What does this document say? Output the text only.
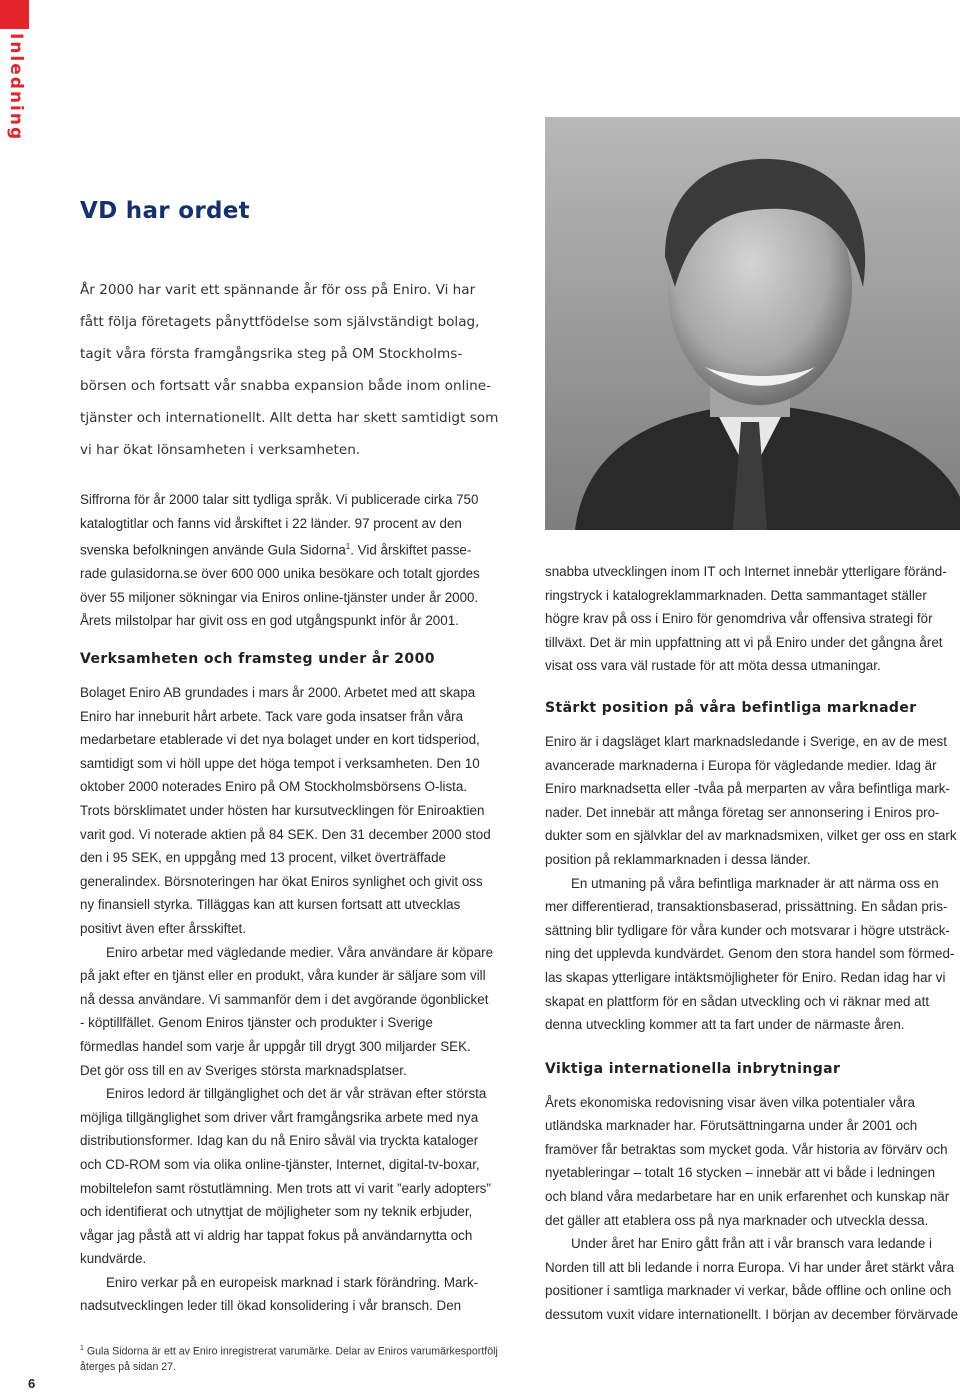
Inledning
VD har ordet

År 2000 har varit ett spännande år för oss på Eniro. Vi har fått följa företagets pånyttfödelse som självständigt bolag, tagit våra första framgångsrika steg på OM Stockholms-börsen och fortsatt vår snabba expansion både inom online-tjänster och internationellt. Allt detta har skett samtidigt som vi har ökat lönsamheten i verksamheten.

Siffrorna för år 2000 talar sitt tydliga språk. Vi publicerade cirka 750 katalogtitlar och fanns vid årskiftet i 22 länder. 97 procent av den svenska befolkningen använde Gula Sidorna$^1$. Vid årskiftet passe-rade gulasidorna.se över 600 000 unika besökare och totalt gjordes över 55 miljoner sökningar via Eniros online-tjänster under år 2000. Årets milstolpar har givit oss en god utgångspunkt inför år 2001.

Verksamheten och framsteg under år 2000

Bolaget Eniro AB grundades i mars år 2000. Arbetet med att skapa Eniro har inneburit hårt arbete. Tack vare goda insatser från våra medarbetare etablerade vi det nya bolaget under en kort tidsperiod, samtidigt som vi höll uppe det höga tempot i verksamheten. Den 10 oktober 2000 noterades Eniro på OM Stockholmsbörsens O-lista. Trots börsklimatet under hösten har kursutvecklingen för Eniroaktien varit god. Vi noterade aktien på 84 SEK. Den 31 december 2000 stod den i 95 SEK, en uppgång med 13 procent, vilket överträffade generalindex. Börsnoteringen har ökat Eniros synlighet och givit oss ny finansiell styrka. Tilläggas kan att kursen fortsatt att utvecklas positivt även efter årsskiftet.

Eniro arbetar med vägledande medier. Våra användare är köpare på jakt efter en tjänst eller en produkt, våra kunder är säljare som vill nå dessa användare. Vi sammanför dem i det avgörande ögonblicket - köptillfället. Genom Eniros tjänster och produkter i Sverige förmedlas handel som varje år uppgår till drygt 300 miljarder SEK. Det gör oss till en av Sveriges största marknadsplatser.

Eniros ledord är tillgänglighet och det är vår strävan efter största möjliga tillgänglighet som driver vårt framgångsrika arbete med nya distributionsformer. Idag kan du nå Eniro såväl via tryckta kataloger och CD-ROM som via olika online-tjänster, Internet, digital-tv-boxar, mobiltelefon samt röstutlämning. Men trots att vi varit ”early adopters” och identifierat och utnyttjat de möjligheter som ny teknik erbjuder, vågar jag påstå att vi aldrig har tappat fokus på användarnytta och kundvärde.

Eniro verkar på en europeisk marknad i stark förändring. Mark-nadsutvecklingen leder till ökad konsolidering i vår bransch. Den

snabba utvecklingen inom IT och Internet innebär ytterligare föränd-ringstryck i katalogreklammarknaden. Detta sammantaget ställer högre krav på oss i Eniro för genomdriva vår offensiva strategi för tillväxt. Det är min uppfattning att vi på Eniro under det gångna året visat oss vara väl rustade för att möta dessa utmaningar.

Stärkt position på våra befintliga marknader

Eniro är i dagsläget klart marknadsledande i Sverige, en av de mest avancerade marknaderna i Europa för vägledande medier. Idag är Eniro marknadsetta eller -tvåa på merparten av våra befintliga mark-nader. Det innebär att många företag ser annonsering i Eniros pro-dukter som en självklar del av marknadsmixen, vilket ger oss en stark position på reklammarknaden i dessa länder.

En utmaning på våra befintliga marknader är att närma oss en mer differentierad, transaktionsbaserad, prissättning. En sådan pris-sättning blir tydligare för våra kunder och motsvarar i högre utsträck-ning det upplevda kundvärdet. Genom den stora handel som förmed-las skapas ytterligare intäktsmöjligheter för Eniro. Redan idag har vi skapat en plattform för en sådan utveckling och vi räknar med att denna utveckling kommer att ta fart under de närmaste åren.

Viktiga internationella inbrytningar

Årets ekonomiska redovisning visar även vilka potentialer våra utländska marknader har. Förutsättningarna under år 2001 och framöver får betraktas som mycket goda. Vår historia av förvärv och nyetableringar – totalt 16 stycken – innebär att vi både i ledningen och bland våra medarbetare har en unik erfarenhet och kunskap när det gäller att etablera oss på nya marknader och utveckla dessa.

Under året har Eniro gått från att i vår bransch vara ledande i Norden till att bli ledande i norra Europa. Vi har under året stärkt våra positioner i samtliga marknader vi verkar, både offline och online och dessutom vuxit vidare internationellt. I början av december förvärvade

$^1$ Gula Sidorna är ett av Eniro inregistrerat varumärke. Delar av Eniros varumärkesportfölj återges på sidan 27.

6
